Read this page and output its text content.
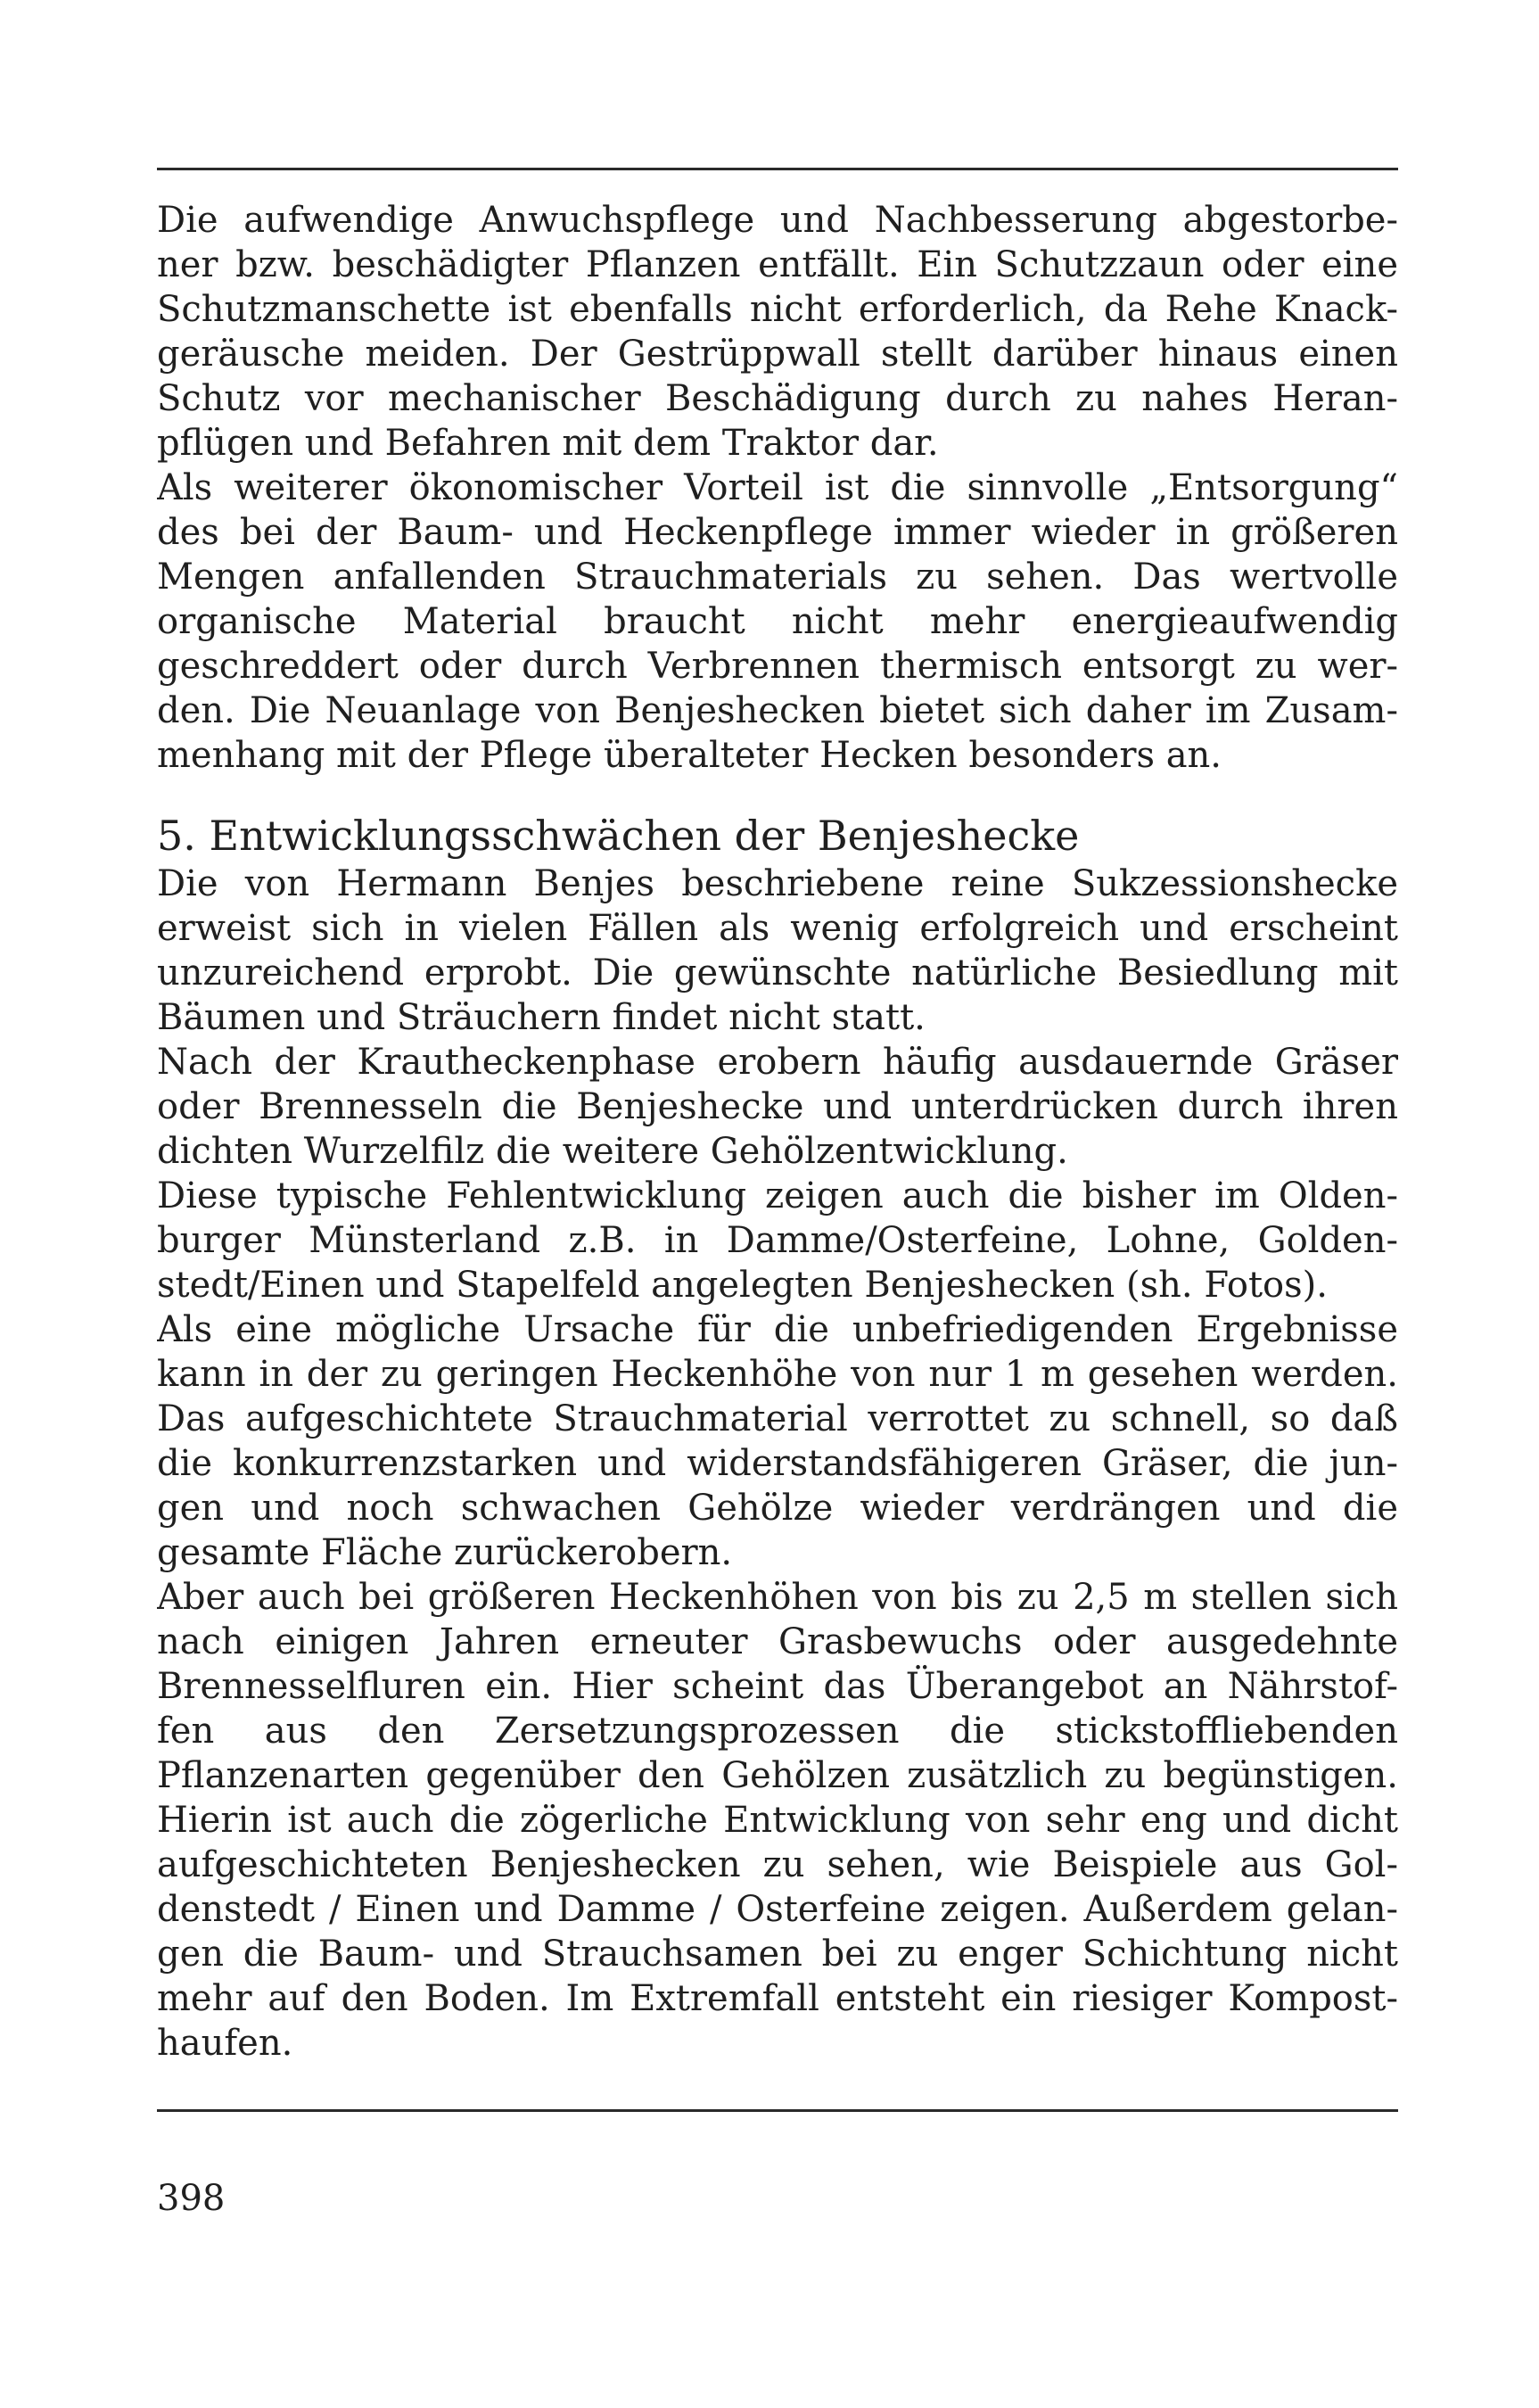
Die aufwendige Anwuchspflege und Nachbesserung abgestorbe-
ner bzw. beschädigter Pflanzen entfällt. Ein Schutzzaun oder eine
Schutzmanschette ist ebenfalls nicht erforderlich, da Rehe Knack-
geräusche meiden. Der Gestrüppwall stellt darüber hinaus einen
Schutz vor mechanischer Beschädigung durch zu nahes Heran-
pflügen und Befahren mit dem Traktor dar.

Als weiterer ökonomischer Vorteil ist die sinnvolle „Entsorgung“
des bei der Baum- und Heckenpflege immer wieder in größeren
Mengen anfallenden Strauchmaterials zu sehen. Das wertvolle
organische Material braucht nicht mehr energieaufwendig
geschreddert oder durch Verbrennen thermisch entsorgt zu wer-
den. Die Neuanlage von Benjeshecken bietet sich daher im Zusam-
menhang mit der Pflege überalteter Hecken besonders an.

5. Entwicklungsschwächen der Benjeshecke

Die von Hermann Benjes beschriebene reine Sukzessionshecke
erweist sich in vielen Fällen als wenig erfolgreich und erscheint
unzureichend erprobt. Die gewünschte natürliche Besiedlung mit
Bäumen und Sträuchern findet nicht statt.

Nach der Krautheckenphase erobern häufig ausdauernde Gräser
oder Brennesseln die Benjeshecke und unterdrücken durch ihren
dichten Wurzelfilz die weitere Gehölzentwicklung.

Diese typische Fehlentwicklung zeigen auch die bisher im Olden-
burger Münsterland z.B. in Damme/Osterfeine, Lohne, Golden-
stedt/Einen und Stapelfeld angelegten Benjeshecken (sh. Fotos).

Als eine mögliche Ursache für die unbefriedigenden Ergebnisse
kann in der zu geringen Heckenhöhe von nur 1 m gesehen werden.
Das aufgeschichtete Strauchmaterial verrottet zu schnell, so daß
die konkurrenzstarken und widerstandsfähigeren Gräser, die jun-
gen und noch schwachen Gehölze wieder verdrängen und die
gesamte Fläche zurückerobern.

Aber auch bei größeren Heckenhöhen von bis zu 2,5 m stellen sich
nach einigen Jahren erneuter Grasbewuchs oder ausgedehnte
Brennesselfluren ein. Hier scheint das Überangebot an Nährstof-
fen aus den Zersetzungsprozessen die stickstoffliebenden
Pflanzenarten gegenüber den Gehölzen zusätzlich zu begünstigen.
Hierin ist auch die zögerliche Entwicklung von sehr eng und dicht
aufgeschichteten Benjeshecken zu sehen, wie Beispiele aus Gol-
denstedt / Einen und Damme / Osterfeine zeigen. Außerdem gelan-
gen die Baum- und Strauchsamen bei zu enger Schichtung nicht
mehr auf den Boden. Im Extremfall entsteht ein riesiger Kompost-
haufen.

398
